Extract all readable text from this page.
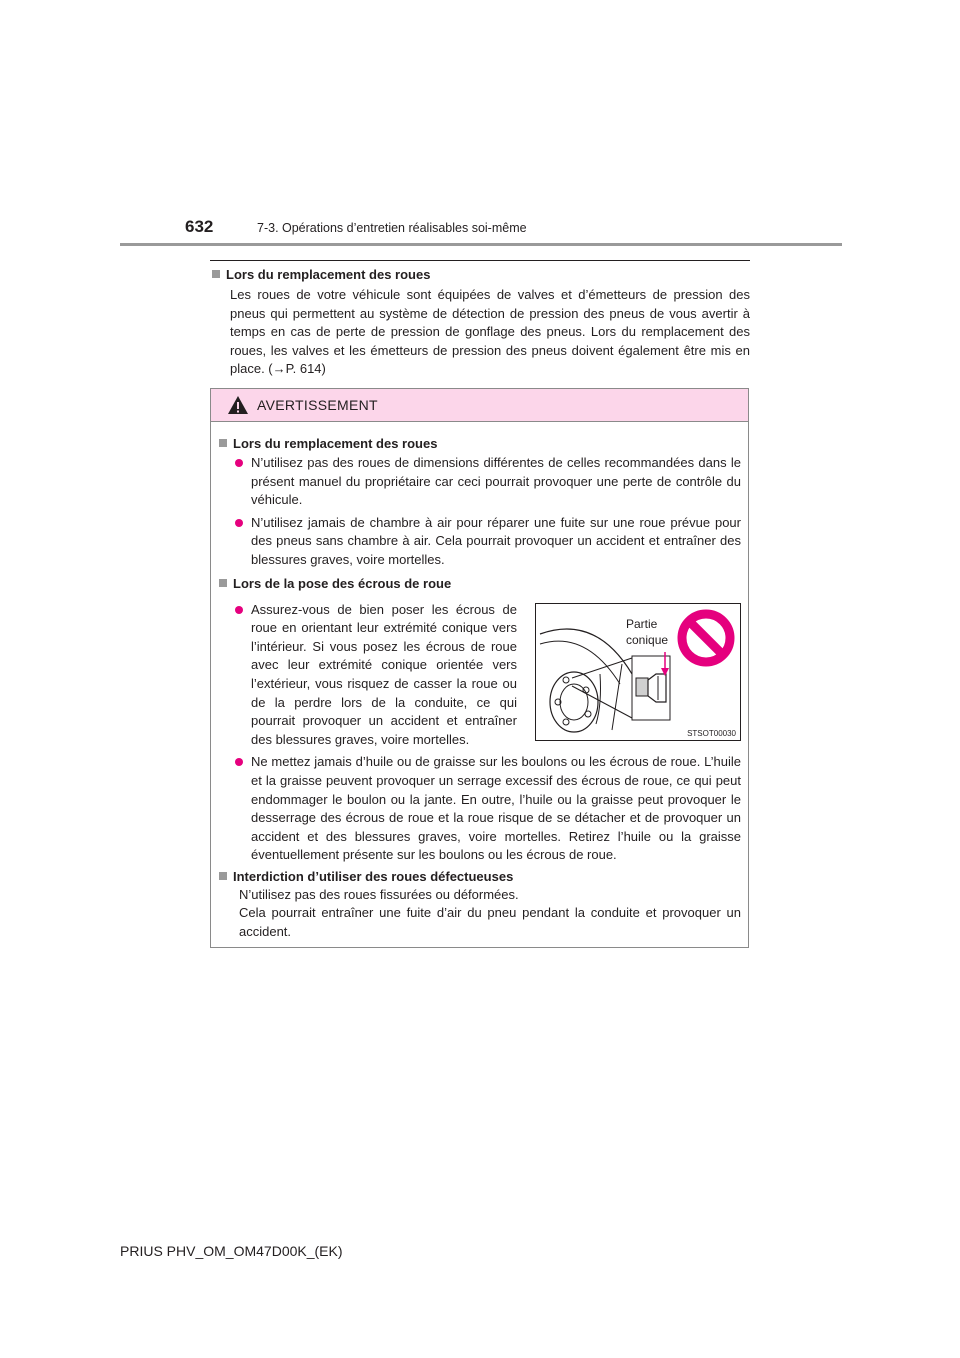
632	7-3. Opérations d’entretien réalisables soi-même
Lors du remplacement des roues
Les roues de votre véhicule sont équipées de valves et d’émetteurs de pression des pneus qui permettent au système de détection de pression des pneus de vous avertir à temps en cas de perte de pression de gonflage des pneus. Lors du remplacement des roues, les valves et les émetteurs de pression des pneus doivent également être mis en place. (→P. 614)
AVERTISSEMENT
Lors du remplacement des roues
N’utilisez pas des roues de dimensions différentes de celles recommandées dans le présent manuel du propriétaire car ceci pourrait provoquer une perte de contrôle du véhicule.
N’utilisez jamais de chambre à air pour réparer une fuite sur une roue prévue pour des pneus sans chambre à air. Cela pourrait provoquer un accident et entraîner des blessures graves, voire mortelles.
Lors de la pose des écrous de roue
Assurez-vous de bien poser les écrous de roue en orientant leur extrémité conique vers l’intérieur. Si vous posez les écrous de roue avec leur extrémité conique orientée vers l’extérieur, vous risquez de casser la roue ou de la perdre lors de la conduite, ce qui pourrait provoquer un accident et entraîner des blessures graves, voire mortelles.
Partie
conique
STSOT00030
Ne mettez jamais d’huile ou de graisse sur les boulons ou les écrous de roue. L’huile et la graisse peuvent provoquer un serrage excessif des écrous de roue, ce qui peut endommager le boulon ou la jante. En outre, l’huile ou la graisse peut provoquer le desserrage des écrous de roue et la roue risque de se détacher et de provoquer un accident et des blessures graves, voire mortelles. Retirez l’huile ou la graisse éventuellement présente sur les boulons ou les écrous de roue.
Interdiction d’utiliser des roues défectueuses
N’utilisez pas des roues fissurées ou déformées.
Cela pourrait entraîner une fuite d’air du pneu pendant la conduite et provoquer un accident.
PRIUS PHV_OM_OM47D00K_(EK)
